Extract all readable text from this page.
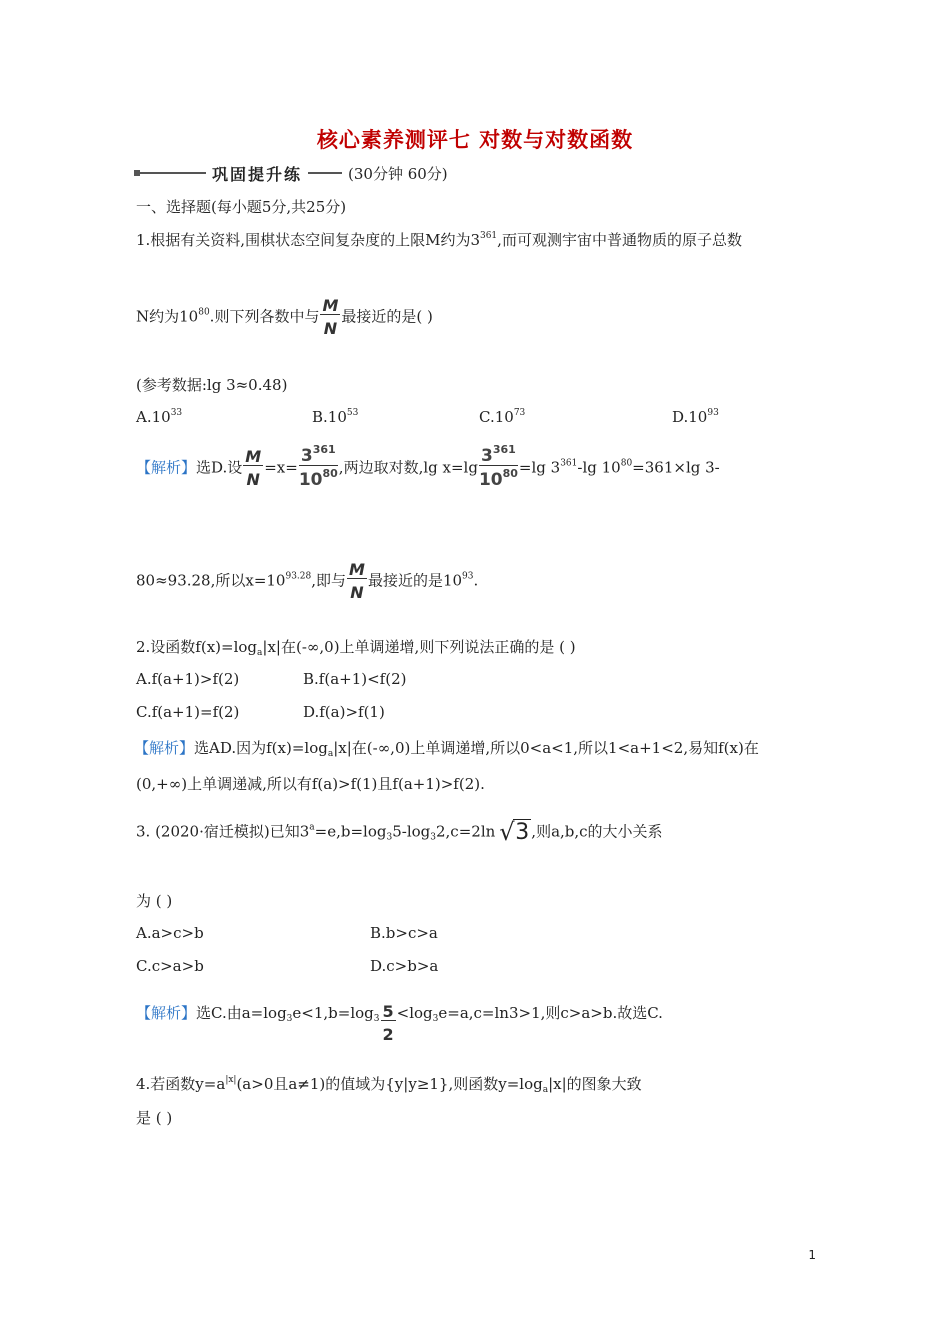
核心素养测评七 对数与对数函数
巩固提升练	(30分钟 60分)
一、选择题(每小题5分,共25分)
1.根据有关资料,围棋状态空间复杂度的上限M约为$3^{361}$,而可观测宇宙中普通物质的原子总数
N约为$10^{80}$.则下列各数中与 $\frac{M}{N}$ 最接近的是( )
(参考数据:lg 3≈0.48)
$A.10^{33}$	$B.10^{53}$	$C.10^{73}$	$D.10^{93}$
【解析】选D.设 $\frac{M}{N} =x= \frac{3^{361}}{10^{80}}$ ,两边取对数,lg $x=\lg \frac{3^{361}}{10^{80}} =\lg$ $3^{361}-\lg$ $10^{80}=361\times\lg$ 3-
80≈93.28,所以$x=10^{93.28}$,即与 $\frac{M}{N}$ 最接近的是$10^{93}$.
2.设函数$f(x)=\log_a|x|$在(-∞,0)上单调递增,则下列说法正确的是 ( )
A.f(a+1)>f(2)	B.f(a+1)<f(2)
C.f(a+1)=f(2)	D.f(a)>f(1)
【解析】选AD.因为$f(x)=\log_a|x|$在(-∞,0)上单调递增,所以0<a<1,所以1<a+1<2,易知f(x)在
(0,+∞)上单调递减,所以有f(a)>f(1)且f(a+1)>f(2).
3. (2020·宿迁模拟)已知$3^a=e,b=\log_35-\log_32,c=2\ln$ √ 3 ,则a,b,c的大小关系
为 ( )
A.a>c>b	B.b>c>a
C.c>a>b	D.c>b>a
【解析】选C.由$a=\log_3e<1,b=\log_3 \frac{5}{2} <\log_3e=a,c=\ln 3>1$,则c>a>b.故选C.
4.若函数$y=a^{|x|}(a>0$且a≠1)的值域为{y|y≥1},则函数$y=\log_a|x|$的图象大致
是 ( )
1
